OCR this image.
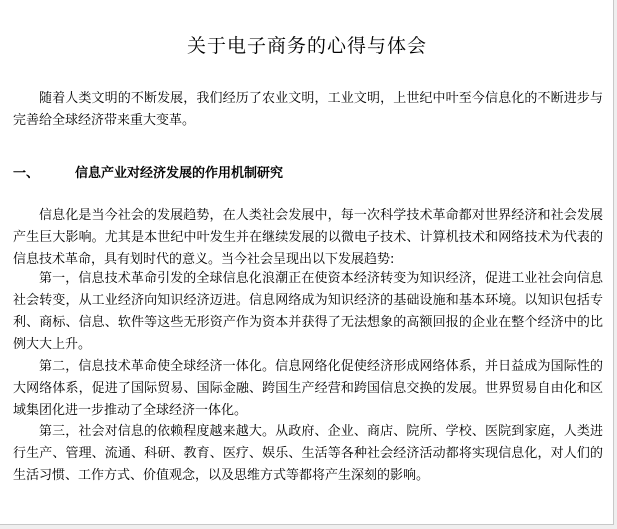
关于电子商务的心得与体会

随着人类文明的不断发展，我们经历了农业文明，工业文明，上世纪中叶至今信息化的不断进步与完善给全球经济带来重大变革。

一、	信息产业对经济发展的作用机制研究

信息化是当今社会的发展趋势，在人类社会发展中，每一次科学技术革命都对世界经济和社会发展产生巨大影响。尤其是本世纪中叶发生并在继续发展的以微电子技术、计算机技术和网络技术为代表的信息技术革命，具有划时代的意义。当今社会呈现出以下发展趋势:

第一，信息技术革命引发的全球信息化浪潮正在使资本经济转变为知识经济，促进工业社会向信息社会转变，从工业经济向知识经济迈进。信息网络成为知识经济的基础设施和基本环境。以知识包括专利、商标、信息、软件等这些无形资产作为资本并获得了无法想象的高额回报的企业在整个经济中的比例大大上升。

第二，信息技术革命使全球经济一体化。信息网络化促使经济形成网络体系，并日益成为国际性的大网络体系，促进了国际贸易、国际金融、跨国生产经营和跨国信息交换的发展。世界贸易自由化和区域集团化进一步推动了全球经济一体化。

第三，社会对信息的依赖程度越来越大。从政府、企业、商店、院所、学校、医院到家庭，人类进行生产、管理、流通、科研、教育、医疗、娱乐、生活等各种社会经济活动都将实现信息化，对人们的生活习惯、工作方式、价值观念，以及思维方式等都将产生深刻的影响。
